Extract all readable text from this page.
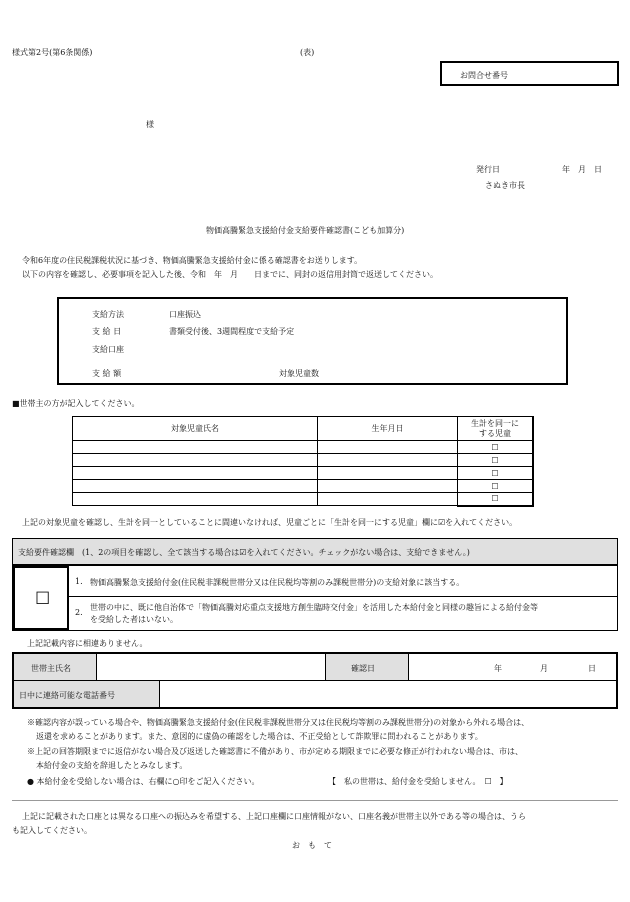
様式第2号(第6条関係)	(表)
お問合せ番号
様
発行日	年　月　日
さぬき市長
物価高騰緊急支援給付金支給要件確認書(こども加算分)
令和6年度の住民税課税状況に基づき、物価高騰緊急支援給付金に係る確認書をお送りします。
以下の内容を確認し、必要事項を記入した後、令和　年　月　　日までに、同封の返信用封筒で返送してください。
支給方法	口座振込
支 給 日	書類受付後、3週間程度で支給予定
支給口座
支 給 額	対象児童数
■世帯主の方が記入してください。
対象児童氏名	生年月日	生計を同一に
する児童
		☐
		☐
		☐
		☐
		☐
上記の対象児童を確認し、生計を同一としていることに間違いなければ、児童ごとに「生計を同一にする児童」欄に☑を入れてください。
支給要件確認欄　(1、2の項目を確認し、全て該当する場合は☑を入れてください。チェックがない場合は、支給できません。)
☐
1. 物価高騰緊急支援給付金(住民税非課税世帯分又は住民税均等割のみ課税世帯分)の支給対象に該当する。
2.
世帯の中に、既に他自治体で「物価高騰対応重点支援地方創生臨時交付金」を活用した本給付金と同様の趣旨による給付金等
を受給した者はいない。
上記記載内容に相違ありません。
世帯主氏名	確認日	年	月	日
日中に連絡可能な電話番号
※確認内容が誤っている場合や、物価高騰緊急支援給付金(住民税非課税世帯分又は住民税均等割のみ課税世帯分)の対象から外れる場合は、
返還を求めることがあります。また、意図的に虚偽の確認をした場合は、不正受給として詐欺罪に問われることがあります。
※上記の回答期限までに返信がない場合及び返送した確認書に不備があり、市が定める期限までに必要な修正が行われない場合は、市は、
本給付金の支給を辞退したとみなします。
● 本給付金を受給しない場合は、右欄に○印をご記入ください。	【　私の世帯は、給付金を受給しません。　☐　】
上記に記載された口座とは異なる口座への振込みを希望する、上記口座欄に口座情報がない、口座名義が世帯主以外である等の場合は、うら
も記入してください。
お　も　て
